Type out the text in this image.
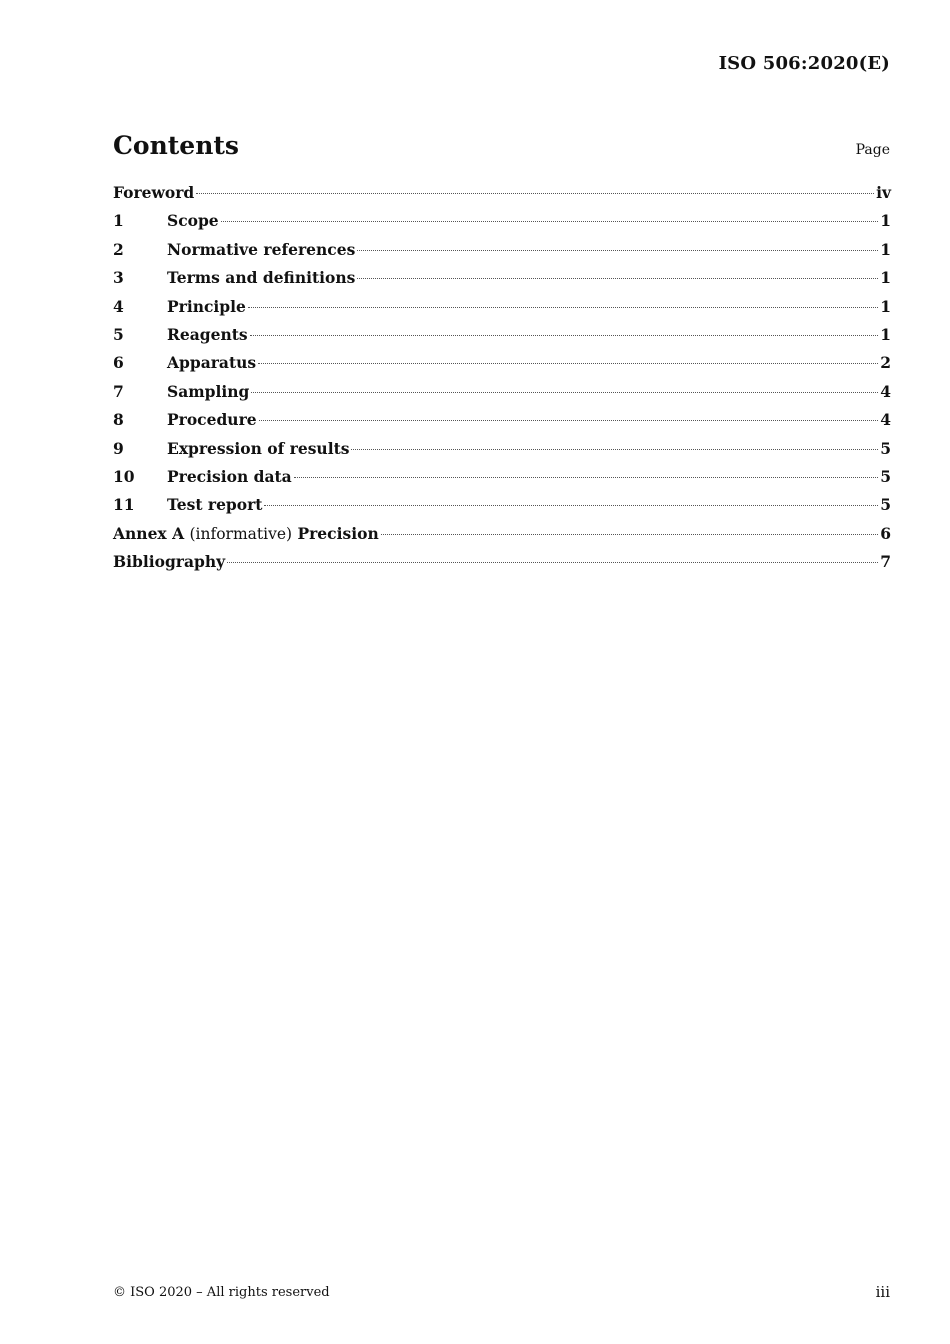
ISO 506:2020(E)
Contents	Page
Foreword	iv
1	Scope	1
2	Normative references	1
3	Terms and definitions	1
4	Principle	1
5	Reagents	1
6	Apparatus	2
7	Sampling	4
8	Procedure	4
9	Expression of results	5
10	Precision data	5
11	Test report	5
Annex A (informative) Precision	6
Bibliography	7
© ISO 2020 – All rights reserved	iii
